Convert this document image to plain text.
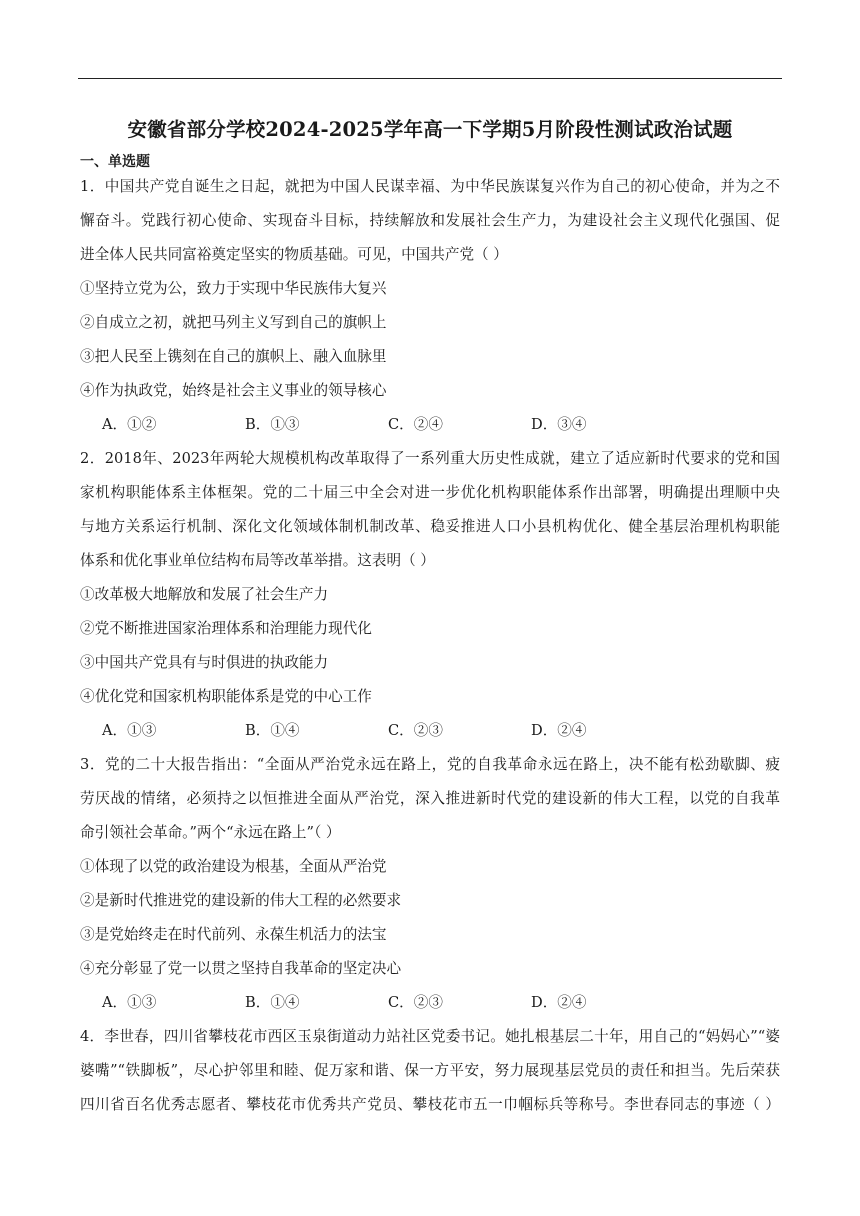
安徽省部分学校2024-2025学年高一下学期5月阶段性测试政治试题
一、单选题
1．中国共产党自诞生之日起，就把为中国人民谋幸福、为中华民族谋复兴作为自己的初心使命，并为之不
懈奋斗。党践行初心使命、实现奋斗目标，持续解放和发展社会生产力，为建设社会主义现代化强国、促
进全体人民共同富裕奠定坚实的物质基础。可见，中国共产党（ ）
①坚持立党为公，致力于实现中华民族伟大复兴
②自成立之初，就把马列主义写到自己的旗帜上
③把人民至上镌刻在自己的旗帜上、融入血脉里
④作为执政党，始终是社会主义事业的领导核心
A．①②	B．①③	C．②④	D．③④
2．2018年、2023年两轮大规模机构改革取得了一系列重大历史性成就，建立了适应新时代要求的党和国
家机构职能体系主体框架。党的二十届三中全会对进一步优化机构职能体系作出部署，明确提出理顺中央
与地方关系运行机制、深化文化领域体制机制改革、稳妥推进人口小县机构优化、健全基层治理机构职能
体系和优化事业单位结构布局等改革举措。这表明（ ）
①改革极大地解放和发展了社会生产力
②党不断推进国家治理体系和治理能力现代化
③中国共产党具有与时俱进的执政能力
④优化党和国家机构职能体系是党的中心工作
A．①③	B．①④	C．②③	D．②④
3．党的二十大报告指出：“全面从严治党永远在路上，党的自我革命永远在路上，决不能有松劲歇脚、疲
劳厌战的情绪，必须持之以恒推进全面从严治党，深入推进新时代党的建设新的伟大工程，以党的自我革
命引领社会革命。”两个“永远在路上”（ ）
①体现了以党的政治建设为根基，全面从严治党
②是新时代推进党的建设新的伟大工程的必然要求
③是党始终走在时代前列、永葆生机活力的法宝
④充分彰显了党一以贯之坚持自我革命的坚定决心
A．①③	B．①④	C．②③	D．②④
4．李世春，四川省攀枝花市西区玉泉街道动力站社区党委书记。她扎根基层二十年，用自己的“妈妈心”“婆
婆嘴”“铁脚板”，尽心护邻里和睦、促万家和谐、保一方平安，努力展现基层党员的责任和担当。先后荣获
四川省百名优秀志愿者、攀枝花市优秀共产党员、攀枝花市五一巾帼标兵等称号。李世春同志的事迹（ ）
